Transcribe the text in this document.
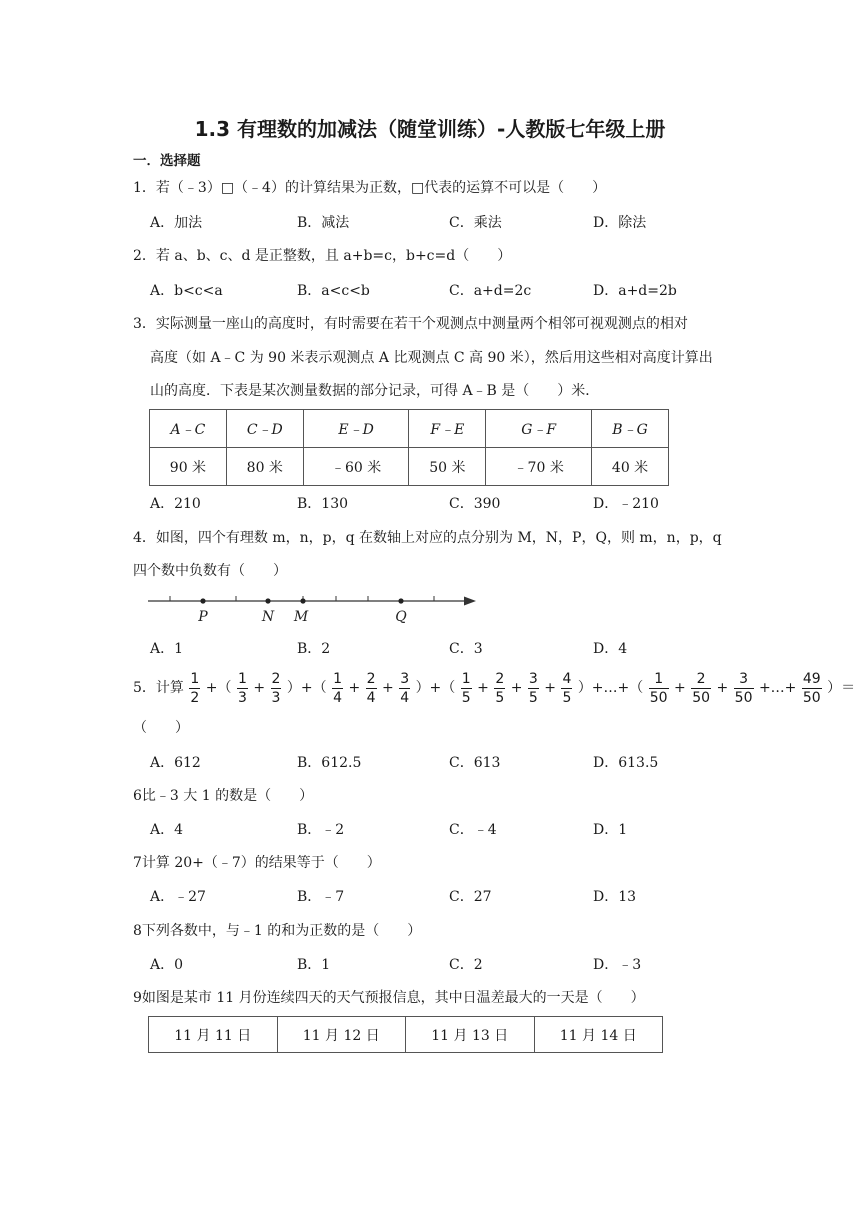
1.3 有理数的加减法（随堂训练）-人教版七年级上册
一．选择题
1．若（﹣3）□（﹣4）的计算结果为正数，□代表的运算不可以是（　　）
A．加法	B．减法	C．乘法	D．除法
2．若 a、b、c、d 是正整数，且 a+b=c，b+c=d（　　）
A．b<c<a	B．a<c<b	C．a+d=2c	D．a+d=2b
3．实际测量一座山的高度时，有时需要在若干个观测点中测量两个相邻可视观测点的相对
高度（如 A﹣C 为 90 米表示观测点 A 比观测点 C 高 90 米），然后用这些相对高度计算出
山的高度．下表是某次测量数据的部分记录，可得 A﹣B 是（　　）米．
A﹣C	C﹣D	E﹣D	F﹣E	G﹣F	B﹣G
90 米	80 米	﹣60 米	50 米	﹣70 米	40 米
A．210	B．130	C．390	D．﹣210
4．如图，四个有理数 m，n，p，q 在数轴上对应的点分别为 M，N，P，Q，则 m，n，p，q
四个数中负数有（　　）
P	N M	Q
A．1	B．2	C．3	D．4
5．计算 $\frac{1}{2}$ +（ $\frac{1}{3} + \frac{2}{3}$ ）+（ $\frac{1}{4} + \frac{2}{4} + \frac{3}{4}$ ）+（ $\frac{1}{5} + \frac{2}{5} + \frac{3}{5} + \frac{4}{5}$ ）+…+（ $\frac{1}{50} + \frac{2}{50} + \frac{3}{50}$ +…+ $\frac{49}{50}$ ）＝
（　　）
A．612	B．612.5	C．613	D．613.5
6比﹣3 大 1 的数是（　　）
A．4	B．﹣2	C．﹣4	D．1
7计算 20+（﹣7）的结果等于（　　）
A．﹣27	B．﹣7	C．27	D．13
8下列各数中，与﹣1 的和为正数的是（　　）
A．0	B．1	C．2	D．﹣3
9如图是某市 11 月份连续四天的天气预报信息，其中日温差最大的一天是（　　）
11 月 11 日	11 月 12 日	11 月 13 日	11 月 14 日
